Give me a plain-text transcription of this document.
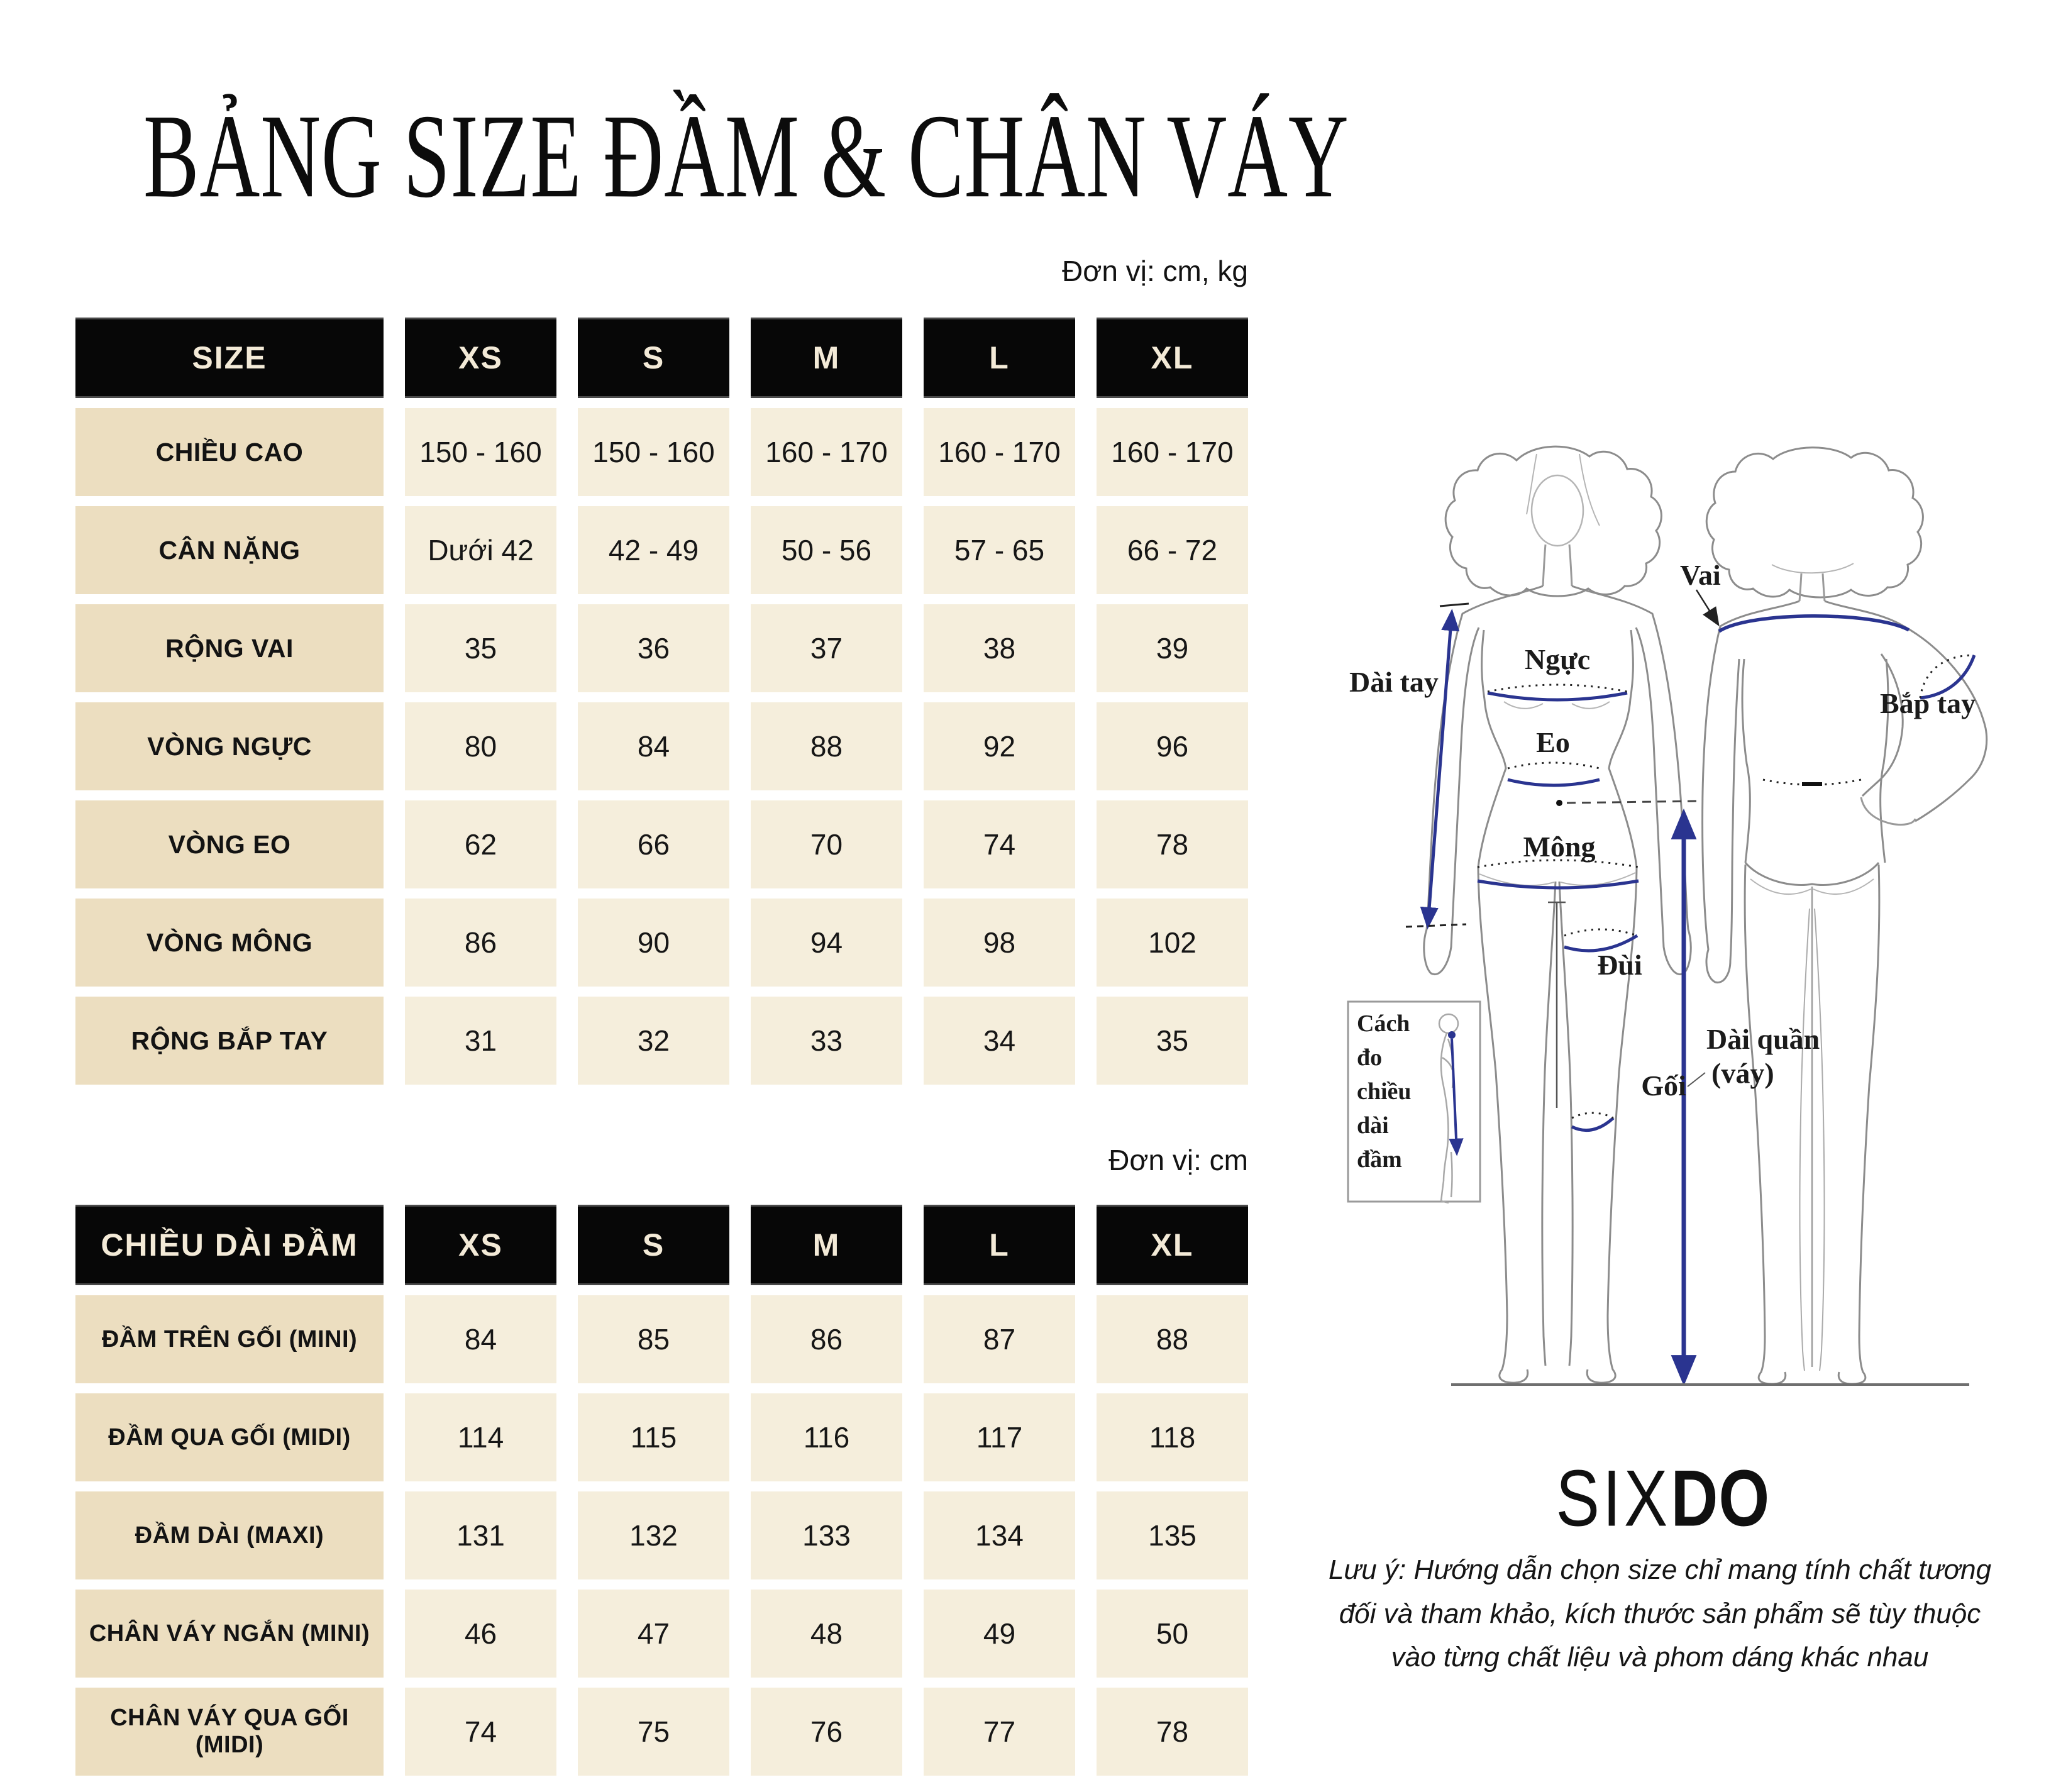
BẢNG SIZE ĐẦM & CHÂN VÁY
Đơn vị: cm, kg
SIZE	XS	S	M	L	XL
CHIỀU CAO	150 - 160	150 - 160	160 - 170	160 - 170	160 - 170
CÂN NẶNG	Dưới 42	42 - 49	50 - 56	57 - 65	66 - 72
RỘNG VAI	35	36	37	38	39
VÒNG NGỰC	80	84	88	92	96
VÒNG EO	62	66	70	74	78
VÒNG MÔNG	86	90	94	98	102
RỘNG BẮP TAY	31	32	33	34	35
Đơn vị: cm
CHIỀU DÀI ĐẦM	XS	S	M	L	XL
ĐẦM TRÊN GỐI (MINI)	84	85	86	87	88
ĐẦM QUA GỐI (MIDI)	114	115	116	117	118
ĐẦM DÀI (MAXI)	131	132	133	134	135
CHÂN VÁY NGẮN (MINI)	46	47	48	49	50
CHÂN VÁY QUA GỐI (MIDI)	74	75	76	77	78
Cách
đo
chiều
dài
đầm
Dài tay
Ngực
Eo
Mông
Đùi
Gối
Vai
Bắp tay
Dài quần
(váy)
SIXDO
Lưu ý: Hướng dẫn chọn size chỉ mang tính chất tương
đối và tham khảo, kích thước sản phẩm sẽ tùy thuộc
vào từng chất liệu và phom dáng khác nhau
